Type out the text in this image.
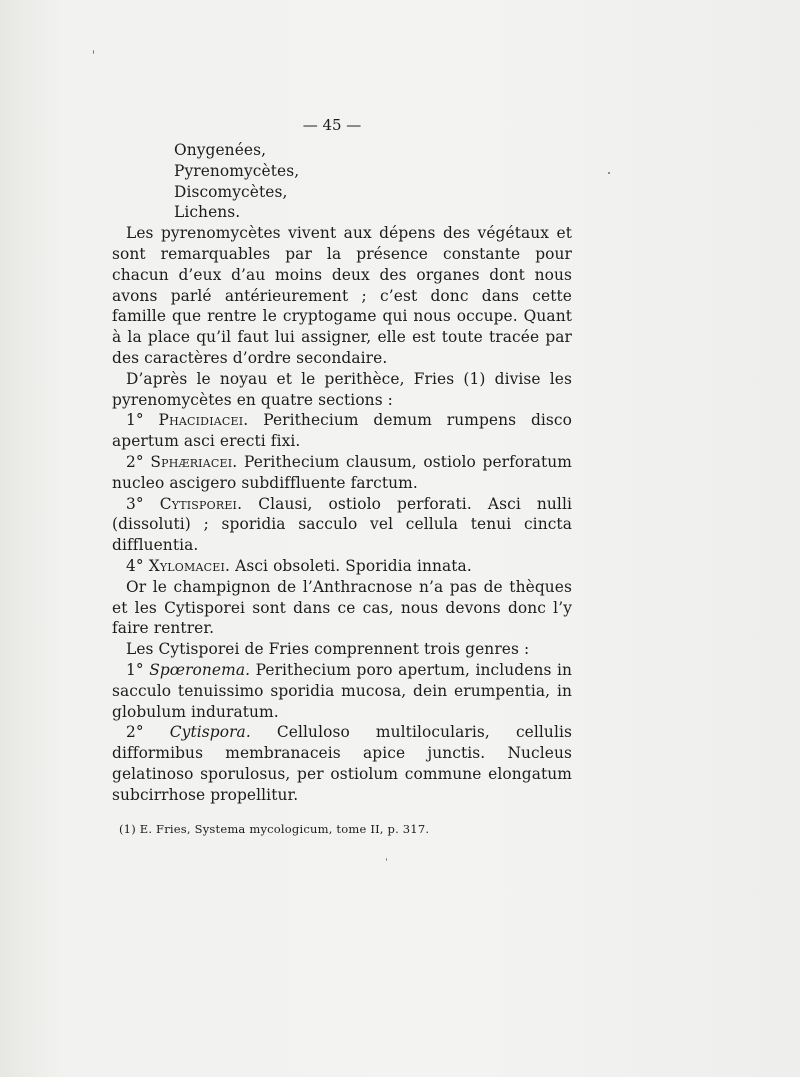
— 45 —
Onygenées,
Pyrenomycètes,
Discomycètes,
Lichens.

Les pyrenomycètes vivent aux dépens des végétaux et sont remarquables par la présence constante pour chacun d’eux d’au moins deux des organes dont nous avons parlé antérieurement ; c’est donc dans cette famille que rentre le cryptogame qui nous occupe. Quant à la place qu’il faut lui assigner, elle est toute tracée par des caractères d’ordre secondaire.

D’après le noyau et le perithèce, Fries (1) divise les pyrenomycètes en quatre sections :

1° Phacidiacei. Perithecium demum rumpens disco apertum asci erecti fixi.

2° Sphæriacei. Perithecium clausum, ostiolo perforatum nucleo ascigero subdiffluente farctum.

3° Cytisporei. Clausi, ostiolo perforati. Asci nulli (dissoluti) ; sporidia sacculo vel cellula tenui cincta diffluentia.

4° Xylomacei. Asci obsoleti. Sporidia innata.

Or le champignon de l’Anthracnose n’a pas de thèques et les Cytisporei sont dans ce cas, nous devons donc l’y faire rentrer.

Les Cytisporei de Fries comprennent trois genres :

1° Spœronema. Perithecium poro apertum, includens in sacculo tenuissimo sporidia mucosa, dein erumpentia, in globulum induratum.

2° Cytispora. Celluloso multilocularis, cellulis difformibus membranaceis apice junctis. Nucleus gelatinoso sporulosus, per ostiolum commune elongatum subcirrhose propellitur.

(1) E. Fries, Systema mycologicum, tome II, p. 317.
